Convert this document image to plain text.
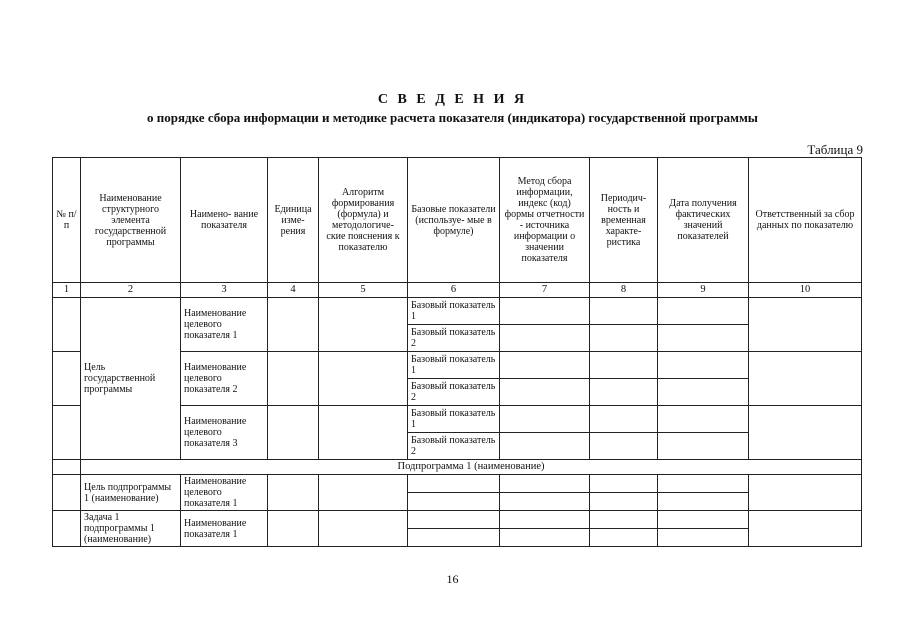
С В Е Д Е Н И Я
о порядке сбора информации и методике расчета показателя (индикатора) государственной программы
Таблица 9
№ п/п	Наименование структурного элемента государственной программы	Наимено- вание показателя	Единица изме- рения	Алгоритм формирования (формула) и методологиче- ские пояснения к показателю	Базовые показатели (используе- мые в формуле)	Метод сбора информации, индекс (код) формы отчетности - источника информации о значении показателя	Периодич- ность и временная характе- ристика	Дата получения фактических значений показателей	Ответственный за сбор данных по показателю
1	2	3	4	5	6	7	8	9	10
	Цель государственной программы	Наименование целевого показателя 1			Базовый показатель 1				
					Базовый показатель 2				
		Наименование целевого показателя 2			Базовый показатель 1				
					Базовый показатель 2				
		Наименование целевого показателя 3			Базовый показатель 1				
					Базовый показатель 2				
	Подпрограмма 1 (наименование)								
	Цель подпрограммы 1 (наименование)	Наименование целевого показателя 1							

	Задача 1 подпрограммы 1 (наименование)	Наименование показателя 1							

16
